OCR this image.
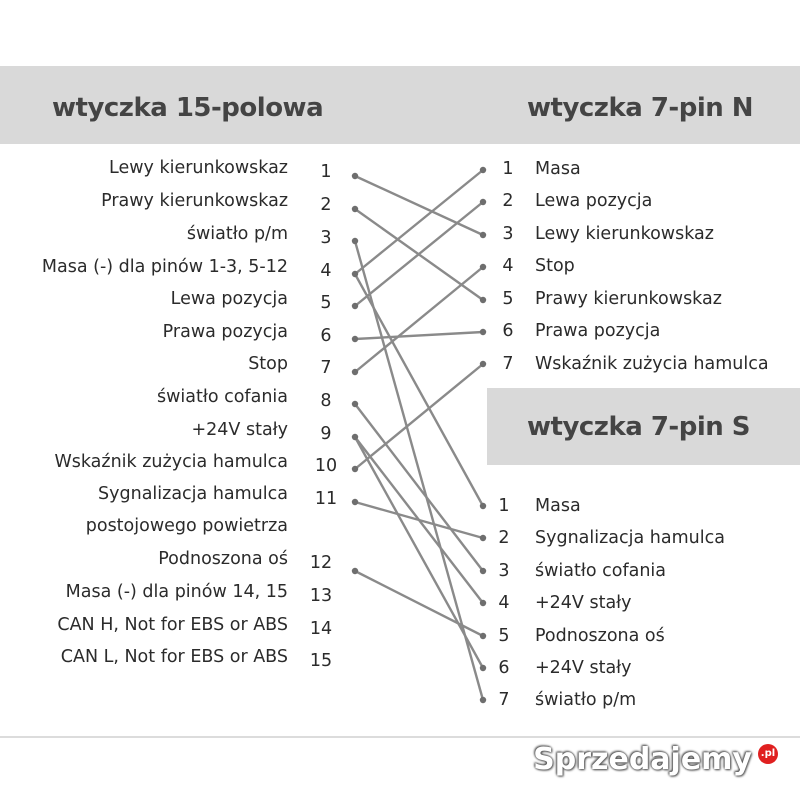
wtyczka 15-polowa	wtyczka 7-pin N
wtyczka 7-pin S
Lewy kierunkowskaz	1
Prawy kierunkowskaz	2
światło p/m	3
Masa (-) dla pinów 1-3, 5-12	4
Lewa pozycja	5
Prawa pozycja	6
Stop	7
światło cofania	8
+24V stały	9
Wskaźnik zużycia hamulca 10
Sygnalizacja hamulca 11
postojowego powietrza
Podnoszona oś 12
Masa (-) dla pinów 14, 15 13
CAN H, Not for EBS or ABS 14
CAN L, Not for EBS or ABS 15
1	Masa
2	Lewa pozycja
3	Lewy kierunkowskaz
4	Stop
5	Prawy kierunkowskaz
6	Prawa pozycja
7	Wskaźnik zużycia hamulca
1	Masa
2	Sygnalizacja hamulca
3	światło cofania
4	+24V stały
5	Podnoszona oś
6	+24V stały
7	światło p/m
Sprzedajemy .pl
